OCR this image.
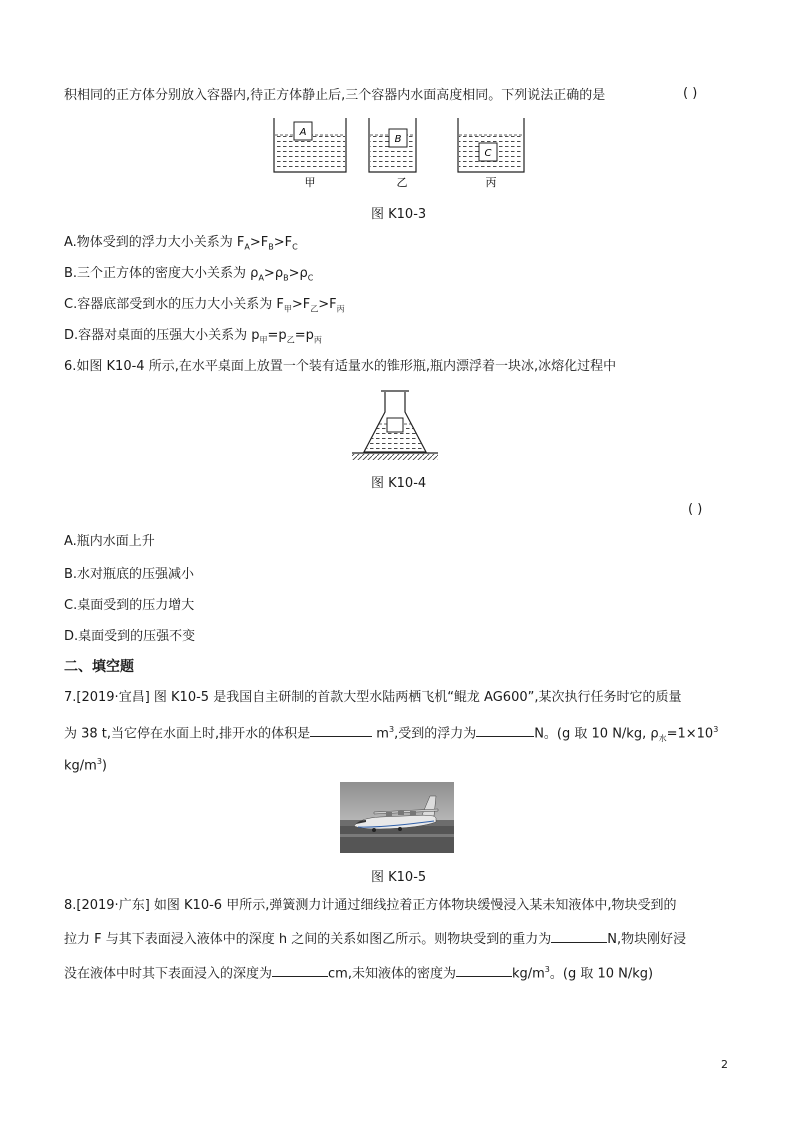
积相同的正方体分别放入容器内,待正方体静止后,三个容器内水面高度相同。下列说法正确的是	( )
A
甲
B
乙
C
丙
图 K10-3
A.物体受到的浮力大小关系为 $F_A>F_B>F_C$
B.三个正方体的密度大小关系为 $\rho_A>\rho_B>\rho_C$
C.容器底部受到水的压力大小关系为 $F_甲>F_乙>F_丙$
D.容器对桌面的压强大小关系为 $p_甲=p_乙=p_丙$
6.如图 K10-4 所示,在水平桌面上放置一个装有适量水的锥形瓶,瓶内漂浮着一块冰,冰熔化过程中
图 K10-4
( )
A.瓶内水面上升
B.水对瓶底的压强减小
C.桌面受到的压力增大
D.桌面受到的压强不变
二、填空题
7.[2019·宜昌] 图 K10-5 是我国自主研制的首款大型水陆两栖飞机“鲲龙 AG600”,某次执行任务时它的质量
为 38 t,当它停在水面上时,排开水的体积是	$m^3$,受到的浮力为	N。(g 取 10 N/kg, $\rho_水=1\times 10^3$
$kg/m^3$)
图 K10-5
8.[2019·广东] 如图 K10-6 甲所示,弹簧测力计通过细线拉着正方体物块缓慢浸入某未知液体中,物块受到的
拉力 F 与其下表面浸入液体中的深度 h 之间的关系如图乙所示。则物块受到的重力为	N,物块刚好浸
没在液体中时其下表面浸入的深度为	cm,未知液体的密度为	$kg/m^3$。(g 取 10 N/kg)
2
